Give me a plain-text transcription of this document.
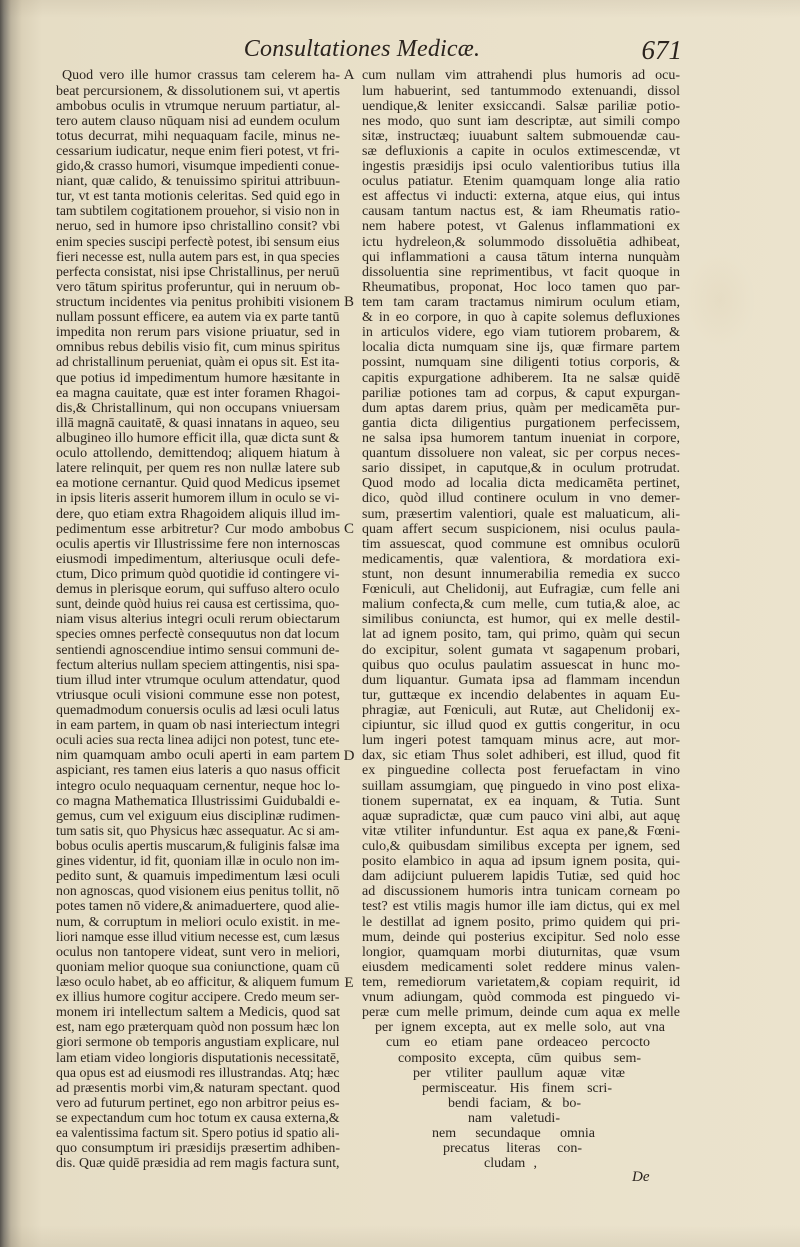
Consultationes Medicæ.	671
Quod vero ille humor crassus tam celerem ha-
beat percursionem, & dissolutionem sui, vt apertis
ambobus oculis in vtrumque neruum partiatur, al-
tero autem clauso nūquam nisi ad eundem oculum
totus decurrat, mihi nequaquam facile, minus ne-
cessarium iudicatur, neque enim fieri potest, vt fri-
gido,& crasso humori, visumque impedienti conue-
niant, quæ calido, & tenuissimo spiritui attribuun-
tur, vt est tanta motionis celeritas. Sed quid ego in
tam subtilem cogitationem prouehor, si visio non in
neruo, sed in humore ipso christallino consit? vbi
enim species suscipi perfectè potest, ibi sensum eius
fieri necesse est, nulla autem pars est, in qua species
perfecta consistat, nisi ipse Christallinus, per neruū
vero tātum spiritus proferuntur, qui in neruum ob-
structum incidentes via penitus prohibiti visionem
nullam possunt efficere, ea autem via ex parte tantū
impedita non rerum pars visione priuatur, sed in
omnibus rebus debilis visio fit, cum minus spiritus
ad christallinum perueniat, quàm ei opus sit. Est ita-
que potius id impedimentum humore hæsitante in
ea magna cauitate, quæ est inter foramen Rhagoi-
dis,& Christallinum, qui non occupans vniuersam
illā magnā cauitatē, & quasi innatans in aqueo, seu
albugineo illo humore efficit illa, quæ dicta sunt &
oculo attollendo, demittendoq; aliquem hiatum à
latere relinquit, per quem res non nullæ latere sub
ea motione cernantur. Quid quod Medicus ipsemet
in ipsis literis asserit humorem illum in oculo se vi-
dere, quo etiam extra Rhagoidem aliquis illud im-
pedimentum esse arbitretur? Cur modo ambobus
oculis apertis vir Illustrissime fere non internoscas
eiusmodi impedimentum, alteriusque oculi defe-
ctum, Dico primum quòd quotidie id contingere vi-
demus in plerisque eorum, qui suffuso altero oculo
sunt, deinde quòd huius rei causa est certissima, quo-
niam visus alterius integri oculi rerum obiectarum
species omnes perfectè consequutus non dat locum
sentiendi agnoscendiue intimo sensui communi de-
fectum alterius nullam speciem attingentis, nisi spa-
tium illud inter vtrumque oculum attendatur, quod
vtriusque oculi visioni commune esse non potest,
quemadmodum conuersis oculis ad læsi oculi latus
in eam partem, in quam ob nasi interiectum integri
oculi acies sua recta linea adijci non potest, tunc ete-
nim quamquam ambo oculi aperti in eam partem
aspiciant, res tamen eius lateris a quo nasus officit
integro oculo nequaquam cernentur, neque hoc lo-
co magna Mathematica Illustrissimi Guidubaldi e-
gemus, cum vel exiguum eius disciplinæ rudimen-
tum satis sit, quo Physicus hæc assequatur. Ac si am-
bobus oculis apertis muscarum,& fuliginis falsæ ima
gines videntur, id fit, quoniam illæ in oculo non im-
pedito sunt, & quamuis impedimentum læsi oculi
non agnoscas, quod visionem eius penitus tollit, nō
potes tamen nō videre,& animaduertere, quod alie-
num, & corruptum in meliori oculo existit. in me-
liori namque esse illud vitium necesse est, cum læsus
oculus non tantopere videat, sunt vero in meliori,
quoniam melior quoque sua coniunctione, quam cū
læso oculo habet, ab eo afficitur, & aliquem fumum
ex illius humore cogitur accipere. Credo meum ser-
monem iri intellectum saltem a Medicis, quod sat
est, nam ego præterquam quòd non possum hæc lon
giori sermone ob temporis angustiam explicare, nul
lam etiam video longioris disputationis necessitatē,
qua opus est ad eiusmodi res illustrandas. Atq; hæc
ad præsentis morbi vim,& naturam spectant. quod
vero ad futurum pertinet, ego non arbitror peius es-
se expectandum cum hoc totum ex causa externa,&
ea valentissima factum sit. Spero potius id spatio ali-
quo consumptum iri præsidijs præsertim adhiben-
dis. Quæ quidē præsidia ad rem magis factura sunt,
A
B
C
D
E
cum nullam vim attrahendi plus humoris ad ocu-
lum habuerint, sed tantummodo extenuandi, dissol
uendique,& leniter exsiccandi. Salsæ pariliæ potio-
nes modo, quo sunt iam descriptæ, aut simili compo
sitæ, instructæq; iuuabunt saltem submouendæ cau-
sæ defluxionis a capite in oculos extimescendæ, vt
ingestis præsidijs ipsi oculo valentioribus tutius illa
oculus patiatur. Etenim quamquam longe alia ratio
est affectus vi inducti: externa, atque eius, qui intus
causam tantum nactus est, & iam Rheumatis ratio-
nem habere potest, vt Galenus inflammationi ex
ictu hydreleon,& solummodo dissoluētia adhibeat,
qui inflammationi a causa tātum interna nunquàm
dissoluentia sine reprimentibus, vt facit quoque in
Rheumatibus, proponat, Hoc loco tamen quo par-
tem tam caram tractamus nimirum oculum etiam,
& in eo corpore, in quo à capite solemus defluxiones
in articulos videre, ego viam tutiorem probarem, &
localia dicta numquam sine ijs, quæ firmare partem
possint, numquam sine diligenti totius corporis, &
capitis expurgatione adhiberem. Ita ne salsæ quidē
pariliæ potiones tam ad corpus, & caput expurgan-
dum aptas darem prius, quàm per medicamēta pur-
gantia dicta diligentius purgationem perfecissem,
ne salsa ipsa humorem tantum inueniat in corpore,
quantum dissoluere non valeat, sic per corpus neces-
sario dissipet, in caputque,& in oculum protrudat.
Quod modo ad localia dicta medicamēta pertinet,
dico, quòd illud continere oculum in vno demer-
sum, præsertim valentiori, quale est maluaticum, ali-
quam affert secum suspicionem, nisi oculus paula-
tim assuescat, quod commune est omnibus oculorū
medicamentis, quæ valentiora, & mordatiora exi-
stunt, non desunt innumerabilia remedia ex succo
Fœniculi, aut Chelidonij, aut Eufragiæ, cum felle ani
malium confecta,& cum melle, cum tutia,& aloe, ac
similibus coniuncta, est humor, qui ex melle destil-
lat ad ignem posito, tam, qui primo, quàm qui secun
do excipitur, solent gumata vt sagapenum probari,
quibus quo oculus paulatim assuescat in hunc mo-
dum liquantur. Gumata ipsa ad flammam incendun
tur, guttæque ex incendio delabentes in aquam Eu-
phragiæ, aut Fœniculi, aut Rutæ, aut Chelidonij ex-
cipiuntur, sic illud quod ex guttis congeritur, in ocu
lum ingeri potest tamquam minus acre, aut mor-
dax, sic etiam Thus solet adhiberi, est illud, quod fit
ex pinguedine collecta post feruefactam in vino
suillam assumgiam, quę pinguedo in vino post elixa-
tionem supernatat, ex ea inquam, & Tutia. Sunt
aquæ supradictæ, quæ cum pauco vini albi, aut aquę
vitæ vtiliter infunduntur. Est aqua ex pane,& Fœni-
culo,& quibusdam similibus excepta per ignem, sed
posito elambico in aqua ad ipsum ignem posita, qui-
dam adijciunt puluerem lapidis Tutiæ, sed quid hoc
ad discussionem humoris intra tunicam corneam po
test? est vtilis magis humor ille iam dictus, qui ex mel
le destillat ad ignem posito, primo quidem qui pri-
mum, deinde qui posterius excipitur. Sed nolo esse
longior, quamquam morbi diuturnitas, quæ vsum
eiusdem medicamenti solet reddere minus valen-
tem, remediorum varietatem,& copiam requirit, id
vnum adiungam, quòd commoda est pinguedo vi-
peræ cum melle primum, deinde cum aqua ex melle
per ignem excepta, aut ex melle solo, aut vna
cum eo etiam pane ordeaceo percocto
composito excepta, cūm quibus sem-
per vtiliter paullum aquæ vitæ
permisceatur. His finem scri-
bendi faciam, & bo-
nam valetudi-
nem secundaque omnia
precatus literas con-
cludam ,
De
